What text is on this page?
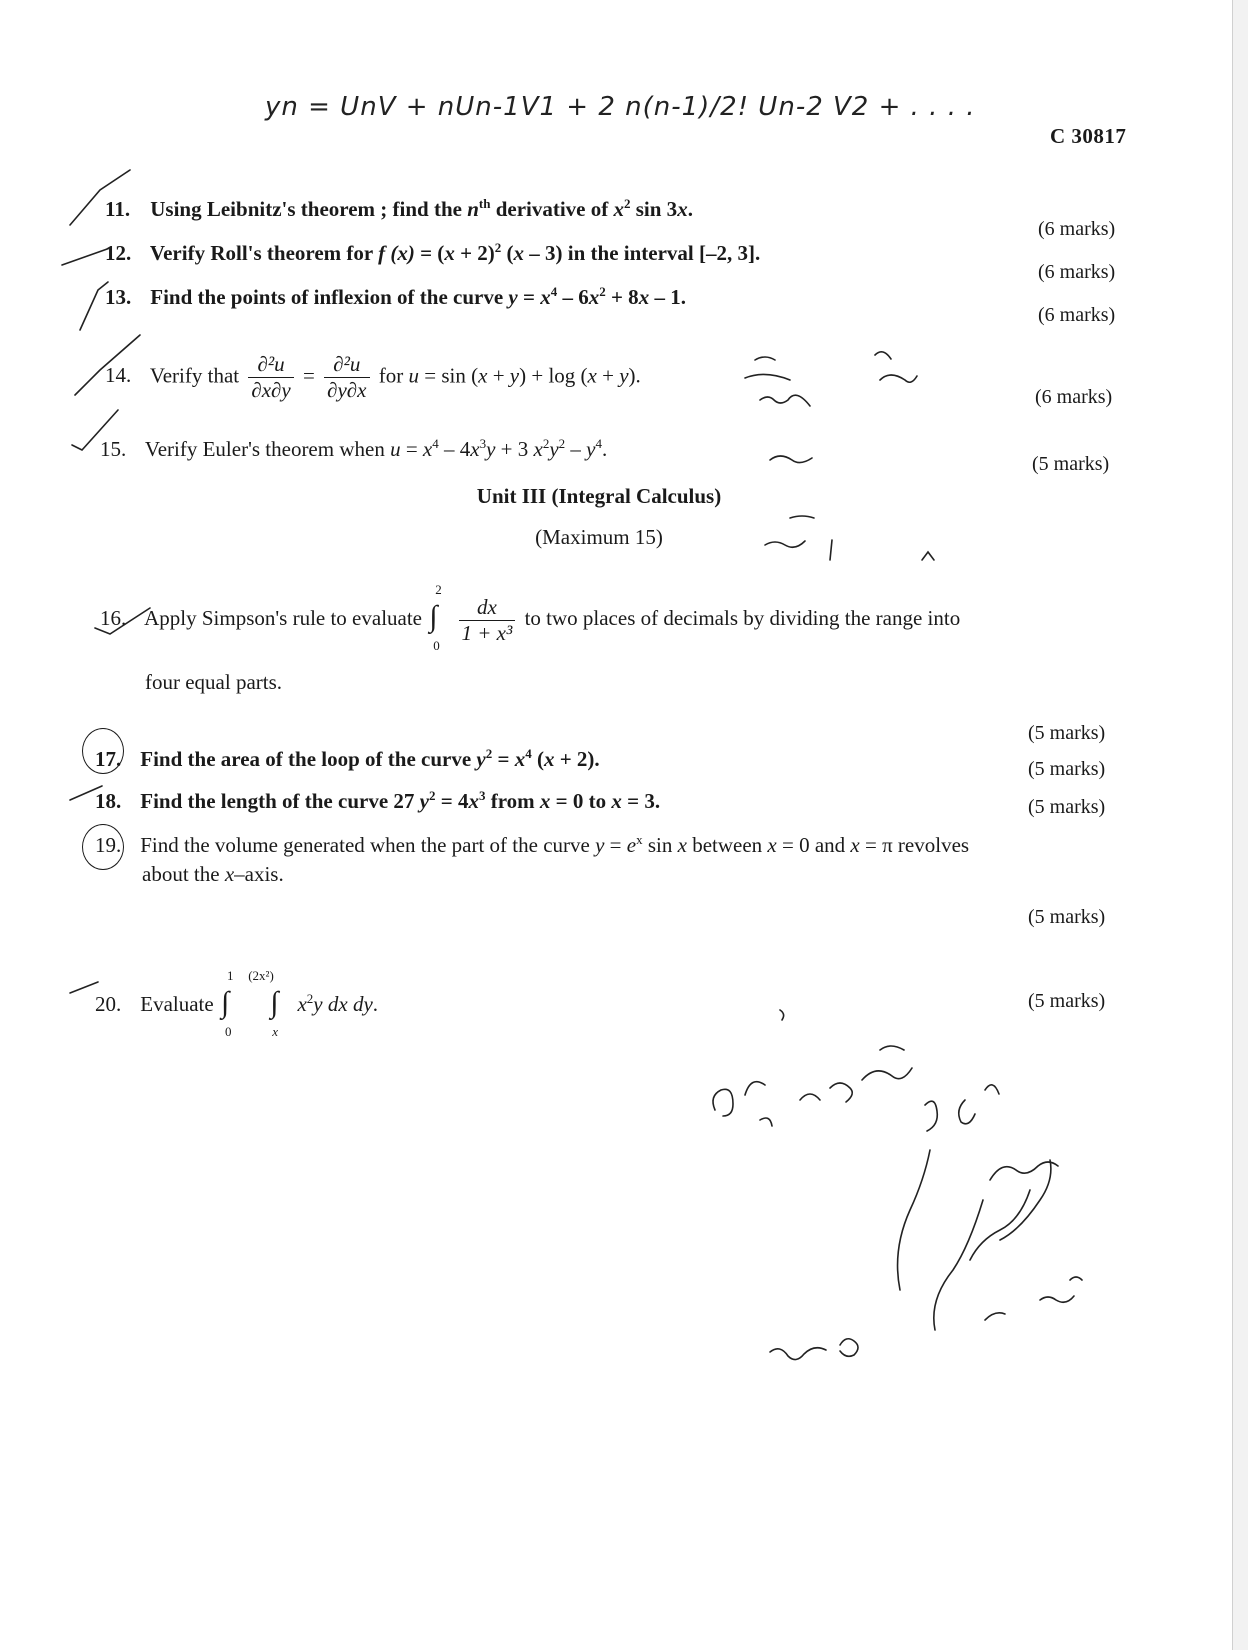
yn = UnV + nUn-1V1 + 2 n(n-1)/2! Un-2 V2 + . . . .
C 30817
11. Using Leibnitz's theorem ; find the $n^{th}$ derivative of $x^2$ sin 3x.
(6 marks)
12. Verify Roll's theorem for f $(x) = (x + 2)^2$ (x – 3) in the interval [–2, 3].
(6 marks)
13. Find the points of inflexion of the curve $y = x^4 - 6x^2 + 8x - 1$.
(6 marks)
14. Verify that $\frac{\text{∂²u}}{\partial x\partial y} = \frac{\text{∂²u}}{\partial y\partial x}$ for u = sin (x + y) + log (x + y).
(6 marks)
15. Verify Euler's theorem when $u = x^4 - 4x^3y + 3$ $x^2y^2 - y^4$.
(5 marks)
Unit III (Integral Calculus)
(Maximum 15)
16. Apply Simpson's rule to evaluate
2
∫
0
$\frac{dx}{\text{1 + x³}}$ to two places of decimals by dividing the range into
four equal parts.
(5 marks)
17. Find the area of the loop of the curve $y^2 = x^4$ (x + 2).	(5 marks)
18. Find the length of the curve 27 $y^2 = 4x^3$ from x = 0 to x = 3.	(5 marks)
19. Find the volume generated when the part of the curve $y = e^x$ sin x between x = 0 and x = π revolves
about the x–axis.
(5 marks)
20. Evaluate
1
∫
0

(2x²)
∫
x
$x^2y$ dx dy.	(5 marks)
